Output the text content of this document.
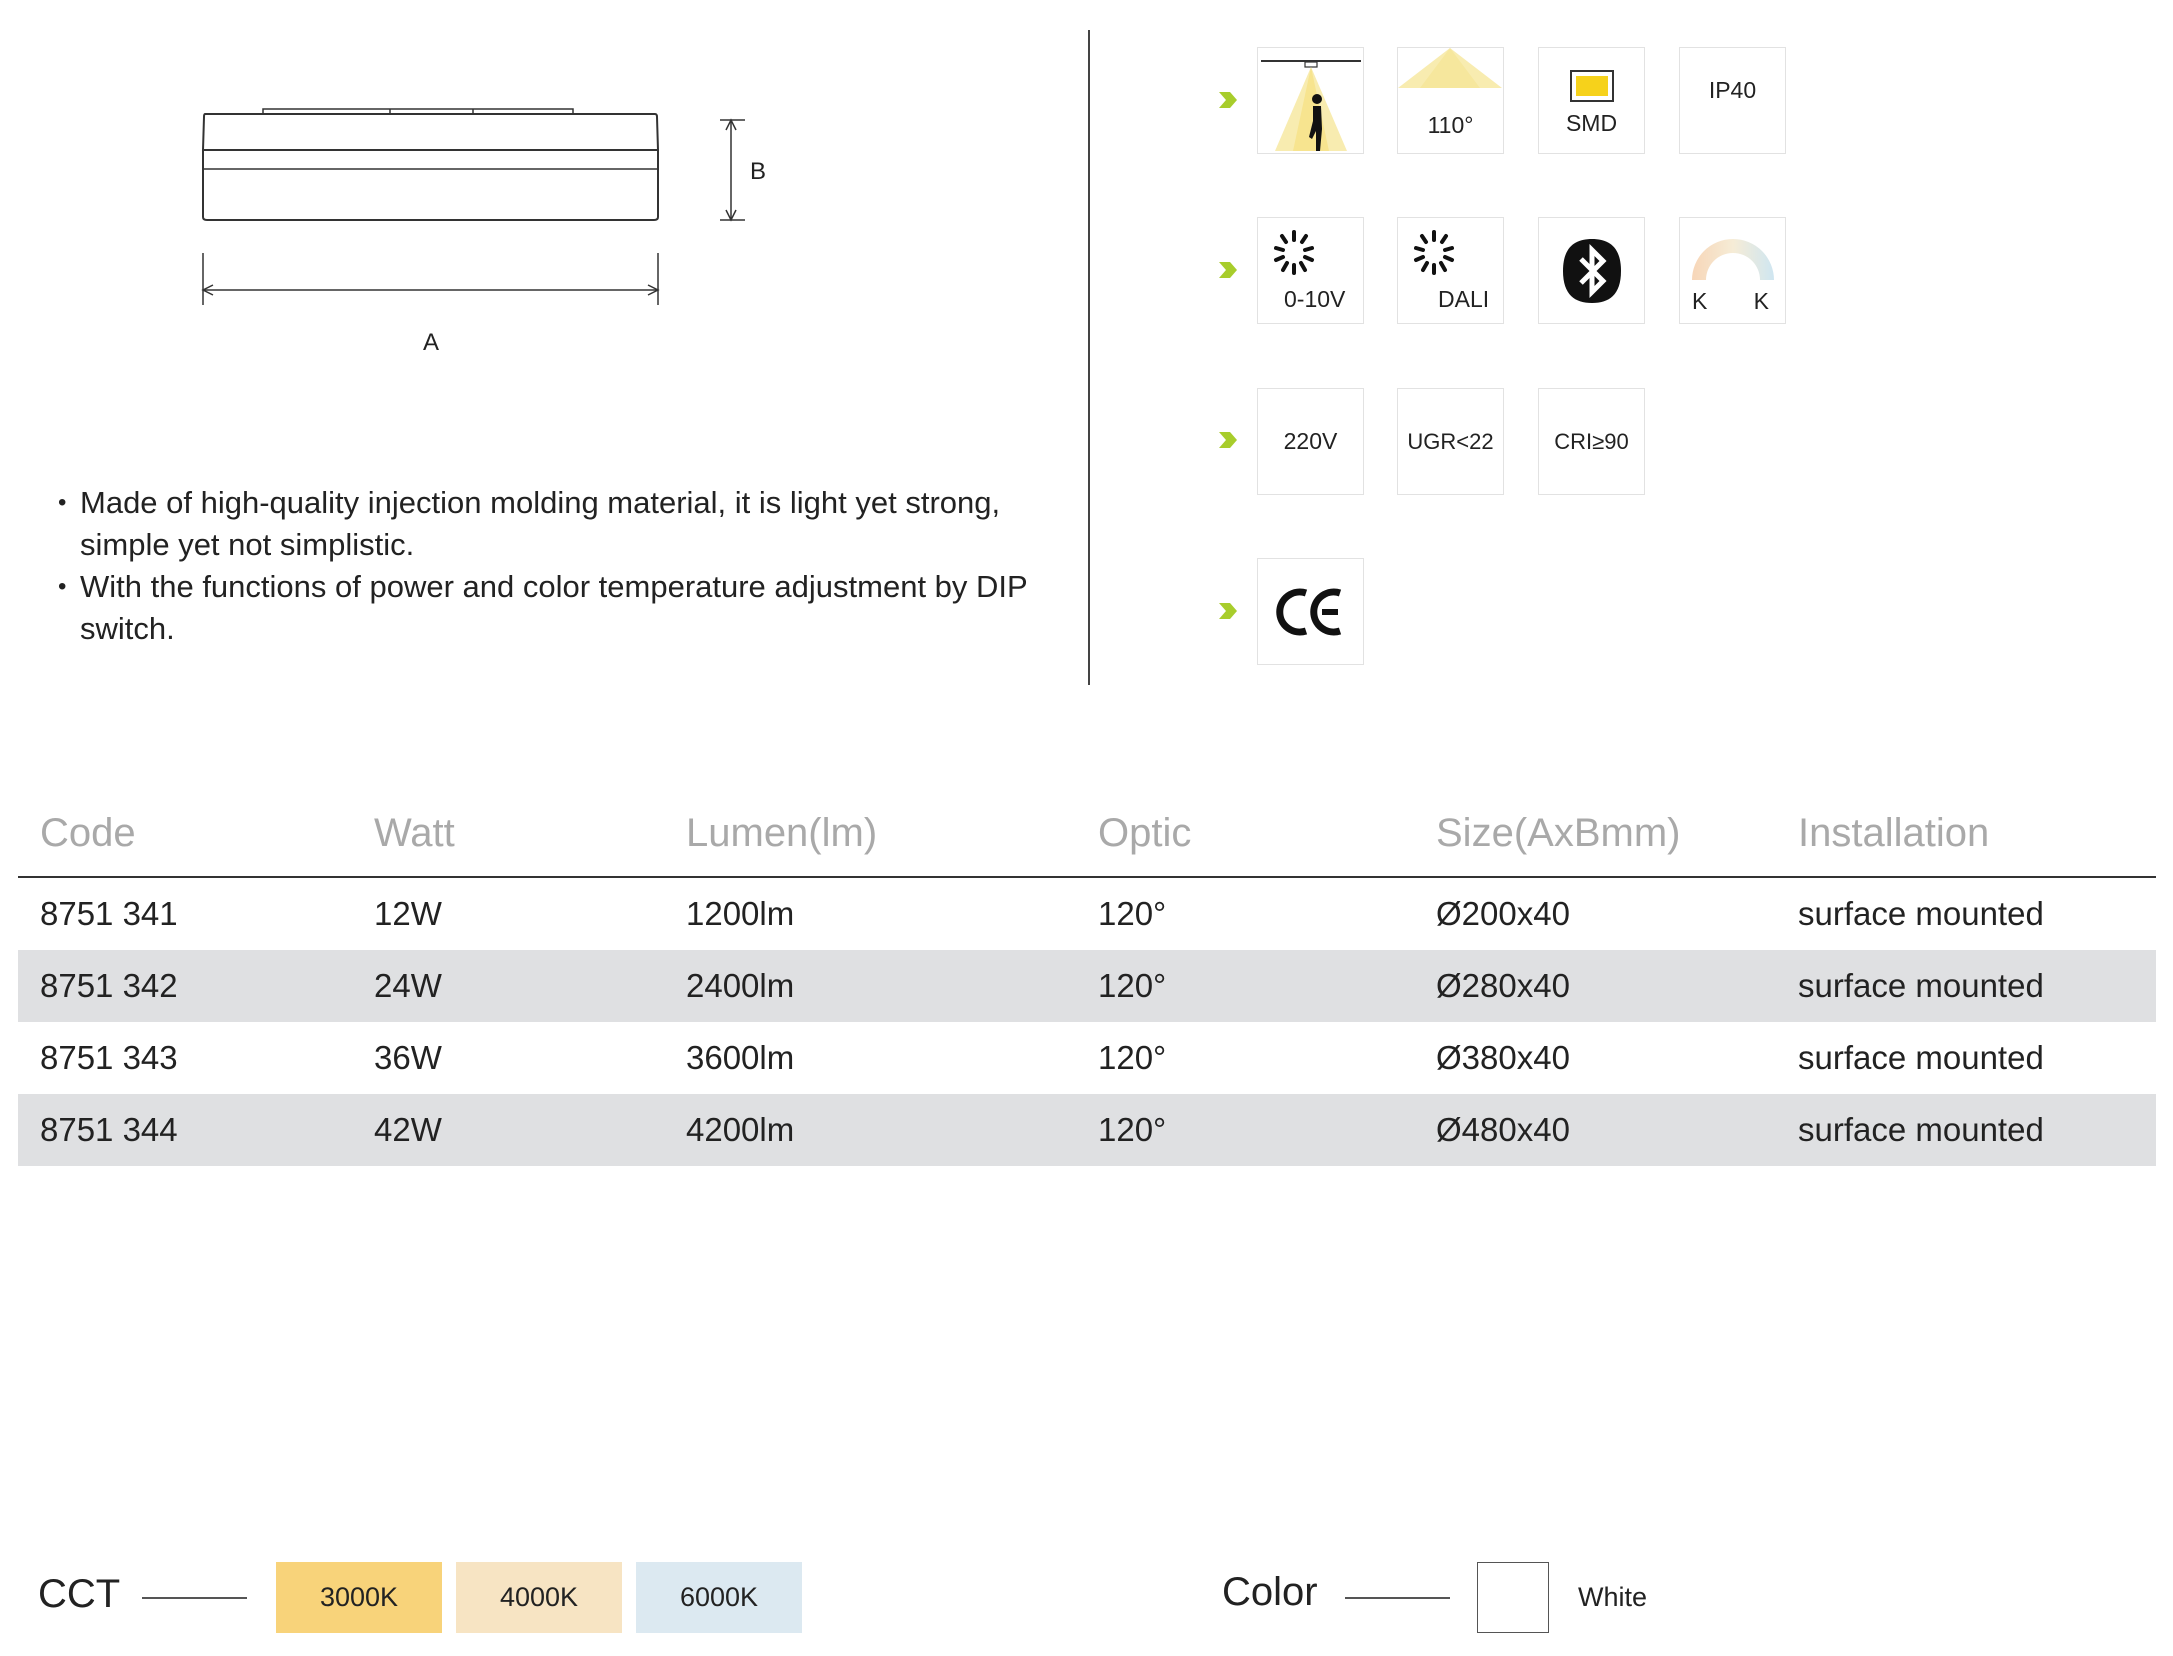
B
A
• Made of high-quality injection molding material, it is light yet strong, simple yet not simplistic.
• With the functions of power and color temperature adjustment by DIP switch.
110°	SMD
IP40
0-10V	DALI	K K
220V	UGR<22	CRI≥90
Code	Watt	Lumen(lm)	Optic	Size(AxBmm)	Installation
8751 341	12W	1200lm	120°	Ø200x40	surface mounted
8751 342	24W	2400lm	120°	Ø280x40	surface mounted
8751 343	36W	3600lm	120°	Ø380x40	surface mounted
8751 344	42W	4200lm	120°	Ø480x40	surface mounted
CCT	3000K	4000K	6000K	Color	White
